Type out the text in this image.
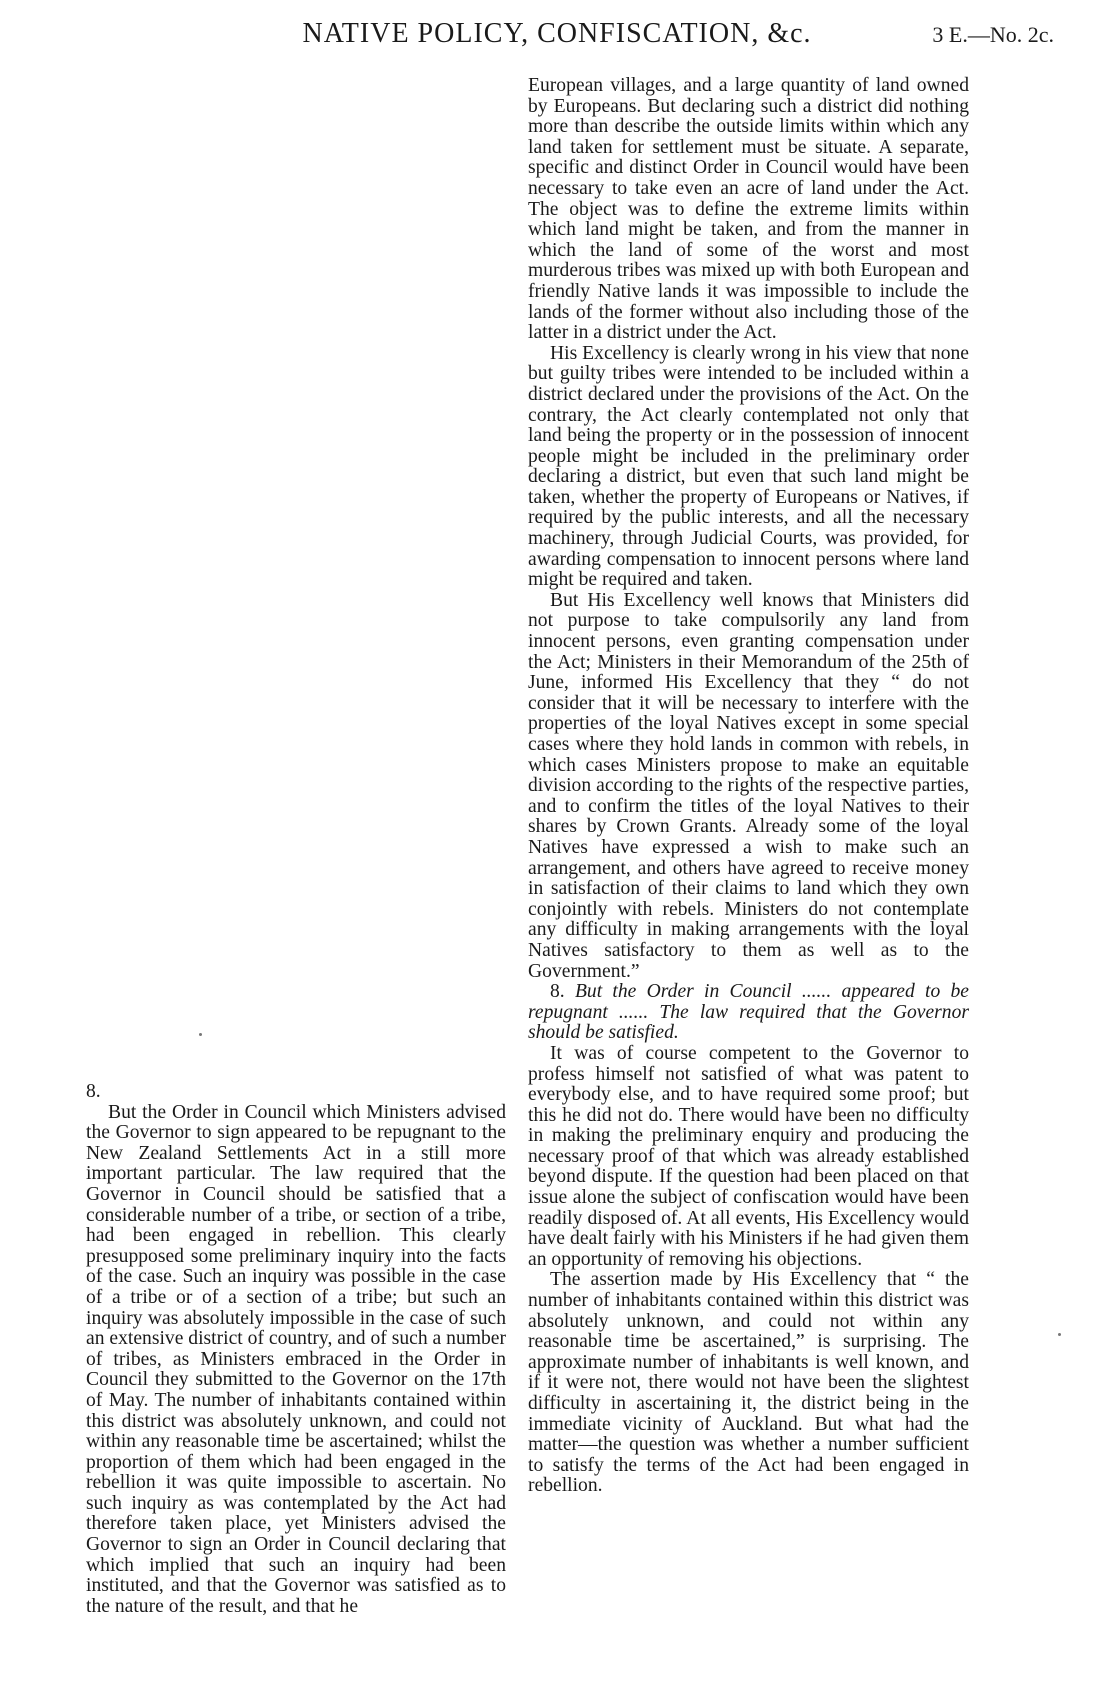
NATIVE POLICY, CONFISCATION, &c.	3 E.—No. 2c.

European villages, and a large quantity of land owned by Europeans. But declaring such a district did nothing more than describe the outside limits within which any land taken for settlement must be situate. A separate, specific and distinct Order in Council would have been necessary to take even an acre of land under the Act. The object was to define the extreme limits within which land might be taken, and from the manner in which the land of some of the worst and most murderous tribes was mixed up with both European and friendly Native lands it was impossible to include the lands of the former without also including those of the latter in a district under the Act.

His Excellency is clearly wrong in his view that none but guilty tribes were intended to be included within a district declared under the provisions of the Act. On the contrary, the Act clearly contemplated not only that land being the property or in the possession of innocent people might be included in the preliminary order declaring a district, but even that such land might be taken, whether the property of Europeans or Natives, if required by the public interests, and all the necessary machinery, through Judicial Courts, was provided, for awarding compensation to innocent persons where land might be required and taken.

But His Excellency well knows that Ministers did not purpose to take compulsorily any land from innocent persons, even granting compensation under the Act; Ministers in their Memorandum of the 25th of June, informed His Excellency that they “ do not consider that it will be necessary to interfere with the properties of the loyal Natives except in some special cases where they hold lands in common with rebels, in which cases Ministers propose to make an equitable division according to the rights of the respective parties, and to confirm the titles of the loyal Natives to their shares by Crown Grants. Already some of the loyal Natives have expressed a wish to make such an arrangement, and others have agreed to receive money in satisfaction of their claims to land which they own conjointly with rebels. Ministers do not contemplate any difficulty in making arrangements with the loyal Natives satisfactory to them as well as to the Government.”

8. But the Order in Council ...... appeared to be repugnant ...... The law required that the Governor should be satisfied.

It was of course competent to the Governor to profess himself not satisfied of what was patent to everybody else, and to have required some proof; but this he did not do. There would have been no difficulty in making the preliminary enquiry and producing the necessary proof of that which was already established beyond dispute. If the question had been placed on that issue alone the subject of confiscation would have been readily disposed of. At all events, His Excellency would have dealt fairly with his Ministers if he had given them an opportunity of removing his objections.

The assertion made by His Excellency that “ the number of inhabitants contained within this district was absolutely unknown, and could not within any reasonable time be ascertained,” is surprising. The approximate number of inhabitants is well known, and if it were not, there would not have been the slightest difficulty in ascertaining it, the district being in the immediate vicinity of Auckland. But what had the matter—the question was whether a number sufficient to satisfy the terms of the Act had been engaged in rebellion.

8.

But the Order in Council which Ministers advised the Governor to sign appeared to be repugnant to the New Zealand Settlements Act in a still more important particular. The law required that the Governor in Council should be satisfied that a considerable number of a tribe, or section of a tribe, had been engaged in rebellion. This clearly presupposed some preliminary inquiry into the facts of the case. Such an inquiry was possible in the case of a tribe or of a section of a tribe; but such an inquiry was absolutely impossible in the case of such an extensive district of country, and of such a number of tribes, as Ministers embraced in the Order in Council they submitted to the Governor on the 17th of May. The number of inhabitants contained within this district was absolutely unknown, and could not within any reasonable time be ascertained; whilst the proportion of them which had been engaged in the rebellion it was quite impossible to ascertain. No such inquiry as was contemplated by the Act had therefore taken place, yet Ministers advised the Governor to sign an Order in Council declaring that which implied that such an inquiry had been instituted, and that the Governor was satisfied as to the nature of the result, and that he
